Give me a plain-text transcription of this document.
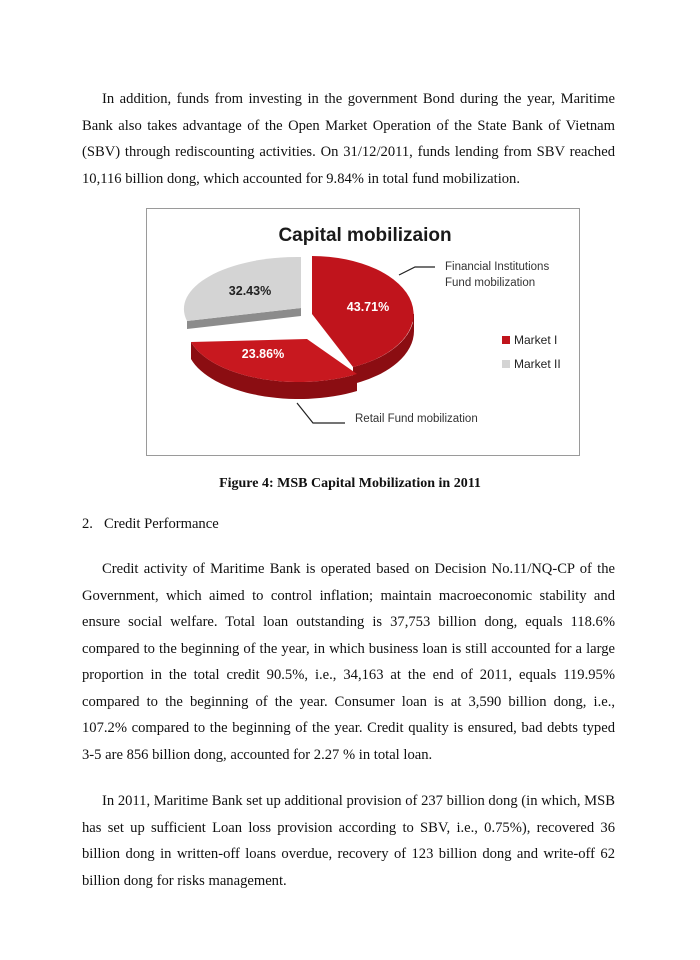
In addition, funds from investing in the government Bond during the year, Maritime Bank also takes advantage of the Open Market Operation of the State Bank of Vietnam (SBV) through rediscounting activities. On 31/12/2011, funds lending from SBV reached 10,116 billion dong, which accounted for 9.84% in total fund mobilization.

Capital mobilizaion
32.43%
43.71%
23.86%
Financial Institutions
Fund mobilization
Retail Fund mobilization
Market I
Market II
Figure 4: MSB Capital Mobilization in 2011
2. Credit Performance

Credit activity of Maritime Bank is operated based on Decision No.11/NQ-CP of the Government, which aimed to control inflation; maintain macroeconomic stability and ensure social welfare. Total loan outstanding is 37,753 billion dong, equals 118.6% compared to the beginning of the year, in which business loan is still accounted for a large proportion in the total credit 90.5%, i.e., 34,163 at the end of 2011, equals 119.95% compared to the beginning of the year. Consumer loan is at 3,590 billion dong, i.e., 107.2% compared to the beginning of the year. Credit quality is ensured, bad debts typed 3-5 are 856 billion dong, accounted for 2.27 % in total loan.

In 2011, Maritime Bank set up additional provision of 237 billion dong (in which, MSB has set up sufficient Loan loss provision according to SBV, i.e., 0.75%), recovered 36 billion dong in written-off loans overdue, recovery of 123 billion dong and write-off 62 billion dong for risks management.
